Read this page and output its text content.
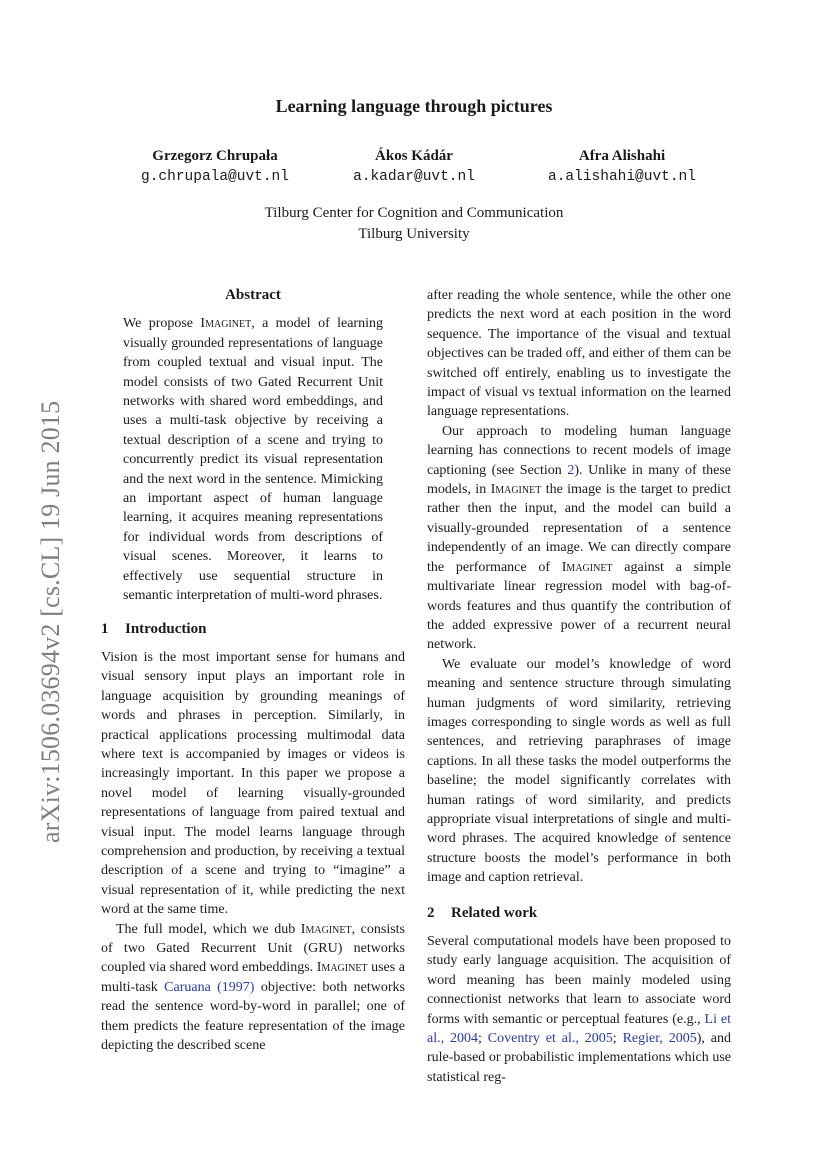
arXiv:1506.03694v2 [cs.CL] 19 Jun 2015
Learning language through pictures
Grzegorz Chrupała
g.chrupala@uvt.nl
Ákos Kádár
a.kadar@uvt.nl
Afra Alishahi
a.alishahi@uvt.nl
Tilburg Center for Cognition and Communication
Tilburg University
Abstract

We propose Imaginet, a model of learning visually grounded representations of language from coupled textual and visual input. The model consists of two Gated Recurrent Unit networks with shared word embeddings, and uses a multi-task objective by receiving a textual description of a scene and trying to concurrently predict its visual representation and the next word in the sentence. Mimicking an important aspect of human language learning, it acquires meaning representations for individual words from descriptions of visual scenes. Moreover, it learns to effectively use sequential structure in semantic interpretation of multi-word phrases.

1 Introduction

Vision is the most important sense for humans and visual sensory input plays an important role in language acquisition by grounding meanings of words and phrases in perception. Similarly, in practical applications processing multimodal data where text is accompanied by images or videos is increasingly important. In this paper we propose a novel model of learning visually-grounded representations of language from paired textual and visual input. The model learns language through comprehension and production, by receiving a textual description of a scene and trying to “imagine” a visual representation of it, while predicting the next word at the same time.

The full model, which we dub Imaginet, consists of two Gated Recurrent Unit (GRU) networks coupled via shared word embeddings. Imaginet uses a multi-task Caruana (1997) objective: both networks read the sentence word-by-word in parallel; one of them predicts the feature representation of the image depicting the described scene

after reading the whole sentence, while the other one predicts the next word at each position in the word sequence. The importance of the visual and textual objectives can be traded off, and either of them can be switched off entirely, enabling us to investigate the impact of visual vs textual information on the learned language representations.

Our approach to modeling human language learning has connections to recent models of image captioning (see Section 2). Unlike in many of these models, in Imaginet the image is the target to predict rather then the input, and the model can build a visually-grounded representation of a sentence independently of an image. We can directly compare the performance of Imaginet against a simple multivariate linear regression model with bag-of-words features and thus quantify the contribution of the added expressive power of a recurrent neural network.

We evaluate our model’s knowledge of word meaning and sentence structure through simulating human judgments of word similarity, retrieving images corresponding to single words as well as full sentences, and retrieving paraphrases of image captions. In all these tasks the model outperforms the baseline; the model significantly correlates with human ratings of word similarity, and predicts appropriate visual interpretations of single and multi-word phrases. The acquired knowledge of sentence structure boosts the model’s performance in both image and caption retrieval.

2 Related work

Several computational models have been proposed to study early language acquisition. The acquisition of word meaning has been mainly modeled using connectionist networks that learn to associate word forms with semantic or perceptual features (e.g., Li et al., 2004; Coventry et al., 2005; Regier, 2005), and rule-based or probabilistic implementations which use statistical reg-
